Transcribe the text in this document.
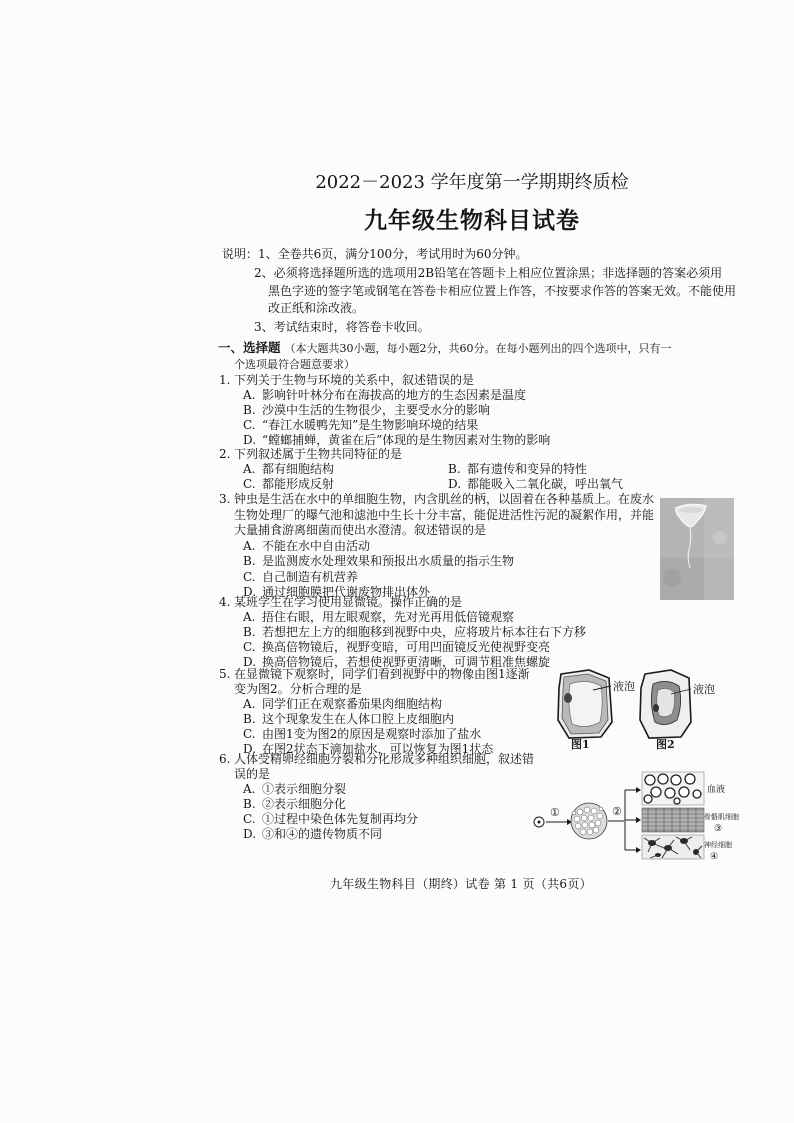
2022－2023 学年度第一学期期终质检
九年级生物科目试卷
说明：1、全卷共6页，满分100分，考试用时为60分钟。
2、必须将选择题所选的选项用2B铅笔在答题卡上相应位置涂黑；非选择题的答案必须用
黑色字迹的签字笔或钢笔在答卷卡相应位置上作答，不按要求作答的答案无效。不能使用
改正纸和涂改液。
3、考试结束时，将答卷卡收回。
一、选择题 （本大题共30小题，每小题2分，共60分。在每小题列出的四个选项中，只有一
个选项最符合题意要求）
1. 下列关于生物与环境的关系中，叙述错误的是
A. 影响针叶林分布在海拔高的地方的生态因素是温度
B. 沙漠中生活的生物很少，主要受水分的影响
C. “春江水暖鸭先知”是生物影响环境的结果
D. “螳螂捕蝉，黄雀在后”体现的是生物因素对生物的影响
2. 下列叙述属于生物共同特征的是
A. 都有细胞结构	B. 都有遗传和变异的特性
C. 都能形成反射	D. 都能吸入二氧化碳，呼出氧气
3. 钟虫是生活在水中的单细胞生物，内含肌丝的柄，以固着在各种基质上。在废水
生物处理厂的曝气池和滤池中生长十分丰富，能促进活性污泥的凝絮作用，并能
大量捕食游离细菌而使出水澄清。叙述错误的是
A. 不能在水中自由活动
B. 是监测废水处理效果和预报出水质量的指示生物
C. 自己制造有机营养
D. 通过细胞膜把代谢废物排出体外
4. 某班学生在学习使用显微镜。操作正确的是
A. 捂住右眼，用左眼观察，先对光再用低倍镜观察
B. 若想把左上方的细胞移到视野中央，应将玻片标本往右下方移
C. 换高倍物镜后，视野变暗，可用凹面镜反光使视野变亮
D. 换高倍物镜后，若想使视野更清晰，可调节粗准焦螺旋
5. 在显微镜下观察时，同学们看到视野中的物像由图1逐渐
变为图2。分析合理的是
A. 同学们正在观察番茄果肉细胞结构
B. 这个现象发生在人体口腔上皮细胞内
C. 由图1变为图2的原因是观察时添加了盐水
D. 在图2状态下滴加盐水，可以恢复为图1状态
液泡
图1
液泡
图2
6. 人体受精卵经细胞分裂和分化形成多种组织细胞，叙述错
误的是
A. ①表示细胞分裂
B. ②表示细胞分化
C. ①过程中染色体先复制再均分
D. ③和④的遗传物质不同
①	②
血液
骨骼肌细胞
③
神经细胞
④
九年级生物科目（期终）试卷 第 1 页（共6页）
